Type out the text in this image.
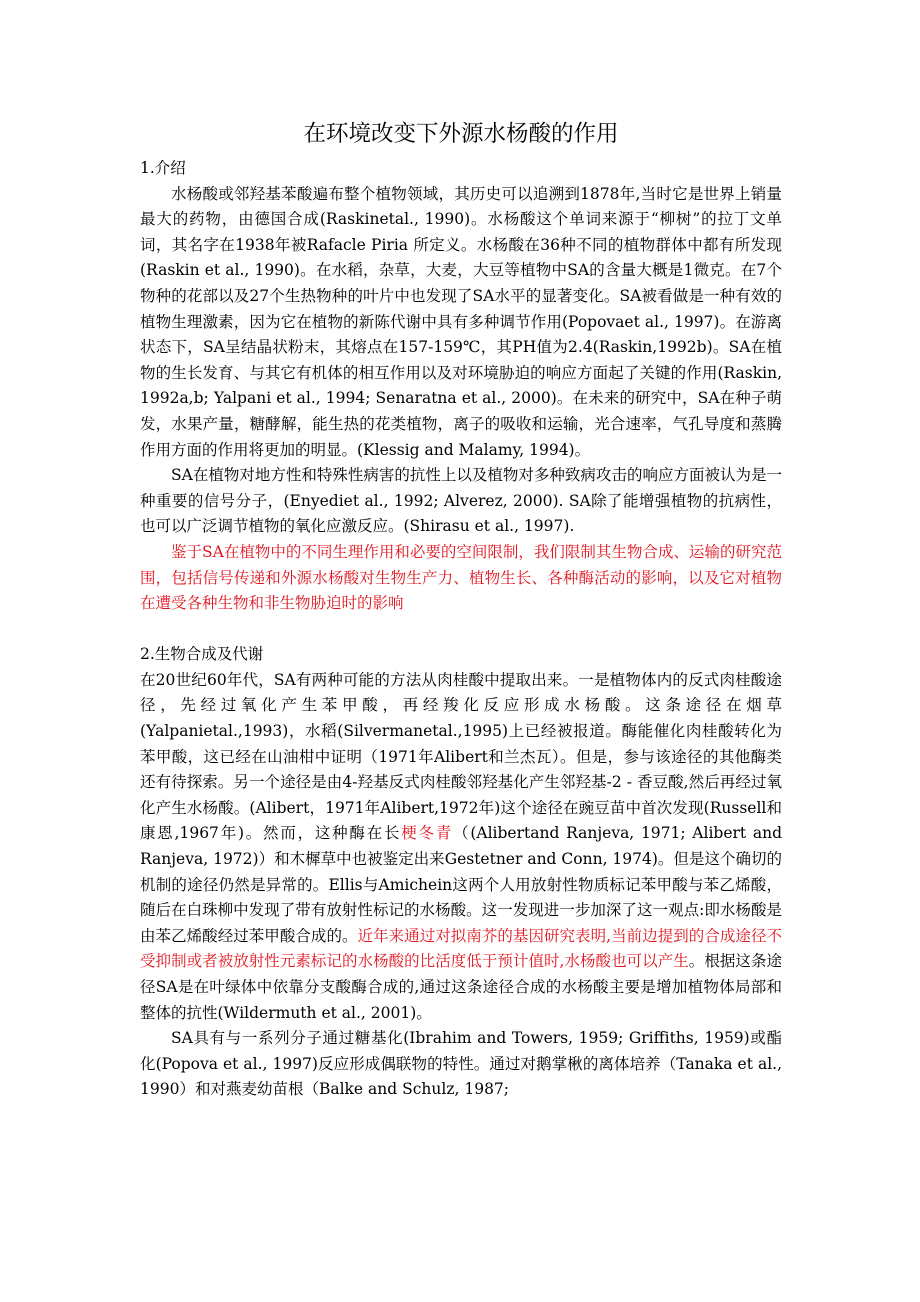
在环境改变下外源水杨酸的作用
1.介绍

水杨酸或邻羟基苯酸遍布整个植物领域，其历史可以追溯到1878年,当时它是世界上销量最大的药物，由德国合成(Raskinetal., 1990)。水杨酸这个单词来源于“柳树”的拉丁文单词，其名字在1938年被Rafacle Piria 所定义。水杨酸在36种不同的植物群体中都有所发现(Raskin et al., 1990)。在水稻，杂草，大麦，大豆等植物中SA的含量大概是1微克。在7个物种的花部以及27个生热物种的叶片中也发现了SA水平的显著变化。SA被看做是一种有效的植物生理激素，因为它在植物的新陈代谢中具有多种调节作用(Popovaet al., 1997)。在游离状态下，SA呈结晶状粉末，其熔点在157-159℃，其PH值为2.4(Raskin,1992b)。SA在植物的生长发育、与其它有机体的相互作用以及对环境胁迫的响应方面起了关键的作用(Raskin, 1992a,b; Yalpani et al., 1994; Senaratna et al., 2000)。在未来的研究中，SA在种子萌发，水果产量，糖酵解，能生热的花类植物，离子的吸收和运输，光合速率，气孔导度和蒸腾作用方面的作用将更加的明显。(Klessig and Malamy, 1994)。

SA在植物对地方性和特殊性病害的抗性上以及植物对多种致病攻击的响应方面被认为是一种重要的信号分子，(Enyediet al., 1992; Alverez, 2000). SA除了能增强植物的抗病性，也可以广泛调节植物的氧化应激反应。(Shirasu et al., 1997).

鉴于SA在植物中的不同生理作用和必要的空间限制，我们限制其生物合成、运输的研究范围，包括信号传递和外源水杨酸对生物生产力、植物生长、各种酶活动的影响，以及它对植物在遭受各种生物和非生物胁迫时的影响

2.生物合成及代谢

在20世纪60年代，SA有两种可能的方法从肉桂酸中提取出来。一是植物体内的反式肉桂酸途径，先经过氧化产生苯甲酸，再经羧化反应形成水杨酸。这条途径在烟草(Yalpanietal.,1993)，水稻(Silvermanetal.,1995)上已经被报道。酶能催化肉桂酸转化为苯甲酸，这已经在山油柑中证明（1971年Alibert和兰杰瓦）。但是，参与该途径的其他酶类还有待探索。另一个途径是由4-羟基反式肉桂酸邻羟基化产生邻羟基-2 - 香豆酸,然后再经过氧化产生水杨酸。(Alibert，1971年Alibert,1972年)这个途径在豌豆苗中首次发现(Russell和康恩,1967年)。然而，这种酶在长梗冬青（(Alibertand Ranjeva, 1971; Alibert and Ranjeva, 1972)）和木樨草中也被鉴定出来Gestetner and Conn, 1974)。但是这个确切的机制的途径仍然是异常的。Ellis与Amichein这两个人用放射性物质标记苯甲酸与苯乙烯酸，随后在白珠柳中发现了带有放射性标记的水杨酸。这一发现进一步加深了这一观点:即水杨酸是由苯乙烯酸经过苯甲酸合成的。近年来通过对拟南芥的基因研究表明,当前边提到的合成途径不受抑制或者被放射性元素标记的水杨酸的比活度低于预计值时,水杨酸也可以产生。根据这条途径SA是在叶绿体中依靠分支酸酶合成的,通过这条途径合成的水杨酸主要是增加植物体局部和整体的抗性(Wildermuth et al., 2001)。

SA具有与一系列分子通过糖基化(Ibrahim and Towers, 1959; Griffiths, 1959)或酯化(Popova et al., 1997)反应形成偶联物的特性。通过对鹅掌楸的离体培养（Tanaka et al., 1990）和对燕麦幼苗根（Balke and Schulz, 1987;
